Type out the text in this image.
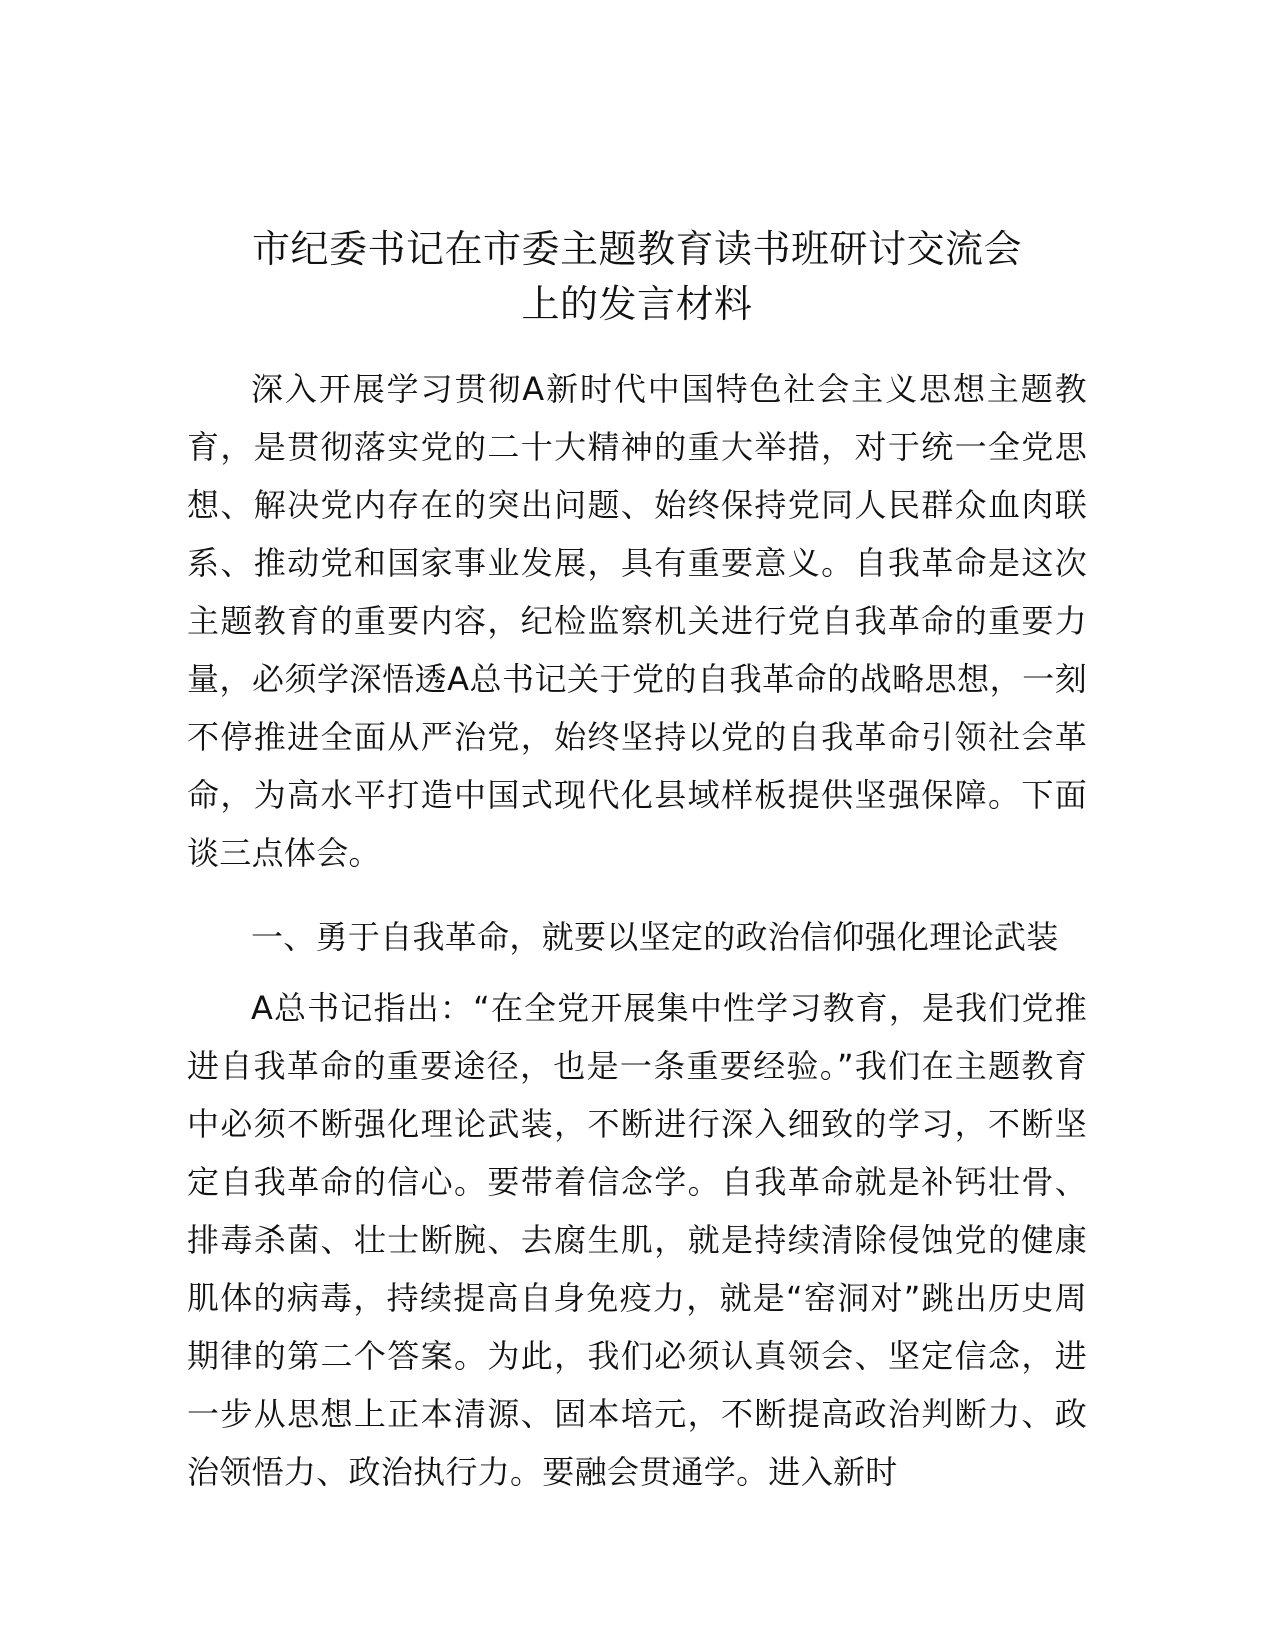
市纪委书记在市委主题教育读书班研讨交流会
上的发言材料

深入开展学习贯彻A新时代中国特色社会主义思想主题教育，是贯彻落实党的二十大精神的重大举措，对于统一全党思想、解决党内存在的突出问题、始终保持党同人民群众血肉联系、推动党和国家事业发展，具有重要意义。自我革命是这次主题教育的重要内容，纪检监察机关进行党自我革命的重要力量，必须学深悟透A总书记关于党的自我革命的战略思想，一刻不停推进全面从严治党，始终坚持以党的自我革命引领社会革命，为高水平打造中国式现代化县域样板提供坚强保障。下面谈三点体会。

一、勇于自我革命，就要以坚定的政治信仰强化理论武装

A总书记指出：“在全党开展集中性学习教育，是我们党推进自我革命的重要途径，也是一条重要经验。”我们在主题教育中必须不断强化理论武装，不断进行深入细致的学习，不断坚定自我革命的信心。要带着信念学。自我革命就是补钙壮骨、排毒杀菌、壮士断腕、去腐生肌，就是持续清除侵蚀党的健康肌体的病毒，持续提高自身免疫力，就是“窑洞对”跳出历史周期律的第二个答案。为此，我们必须认真领会、坚定信念，进一步从思想上正本清源、固本培元，不断提高政治判断力、政治领悟力、政治执行力。要融会贯通学。进入新时
